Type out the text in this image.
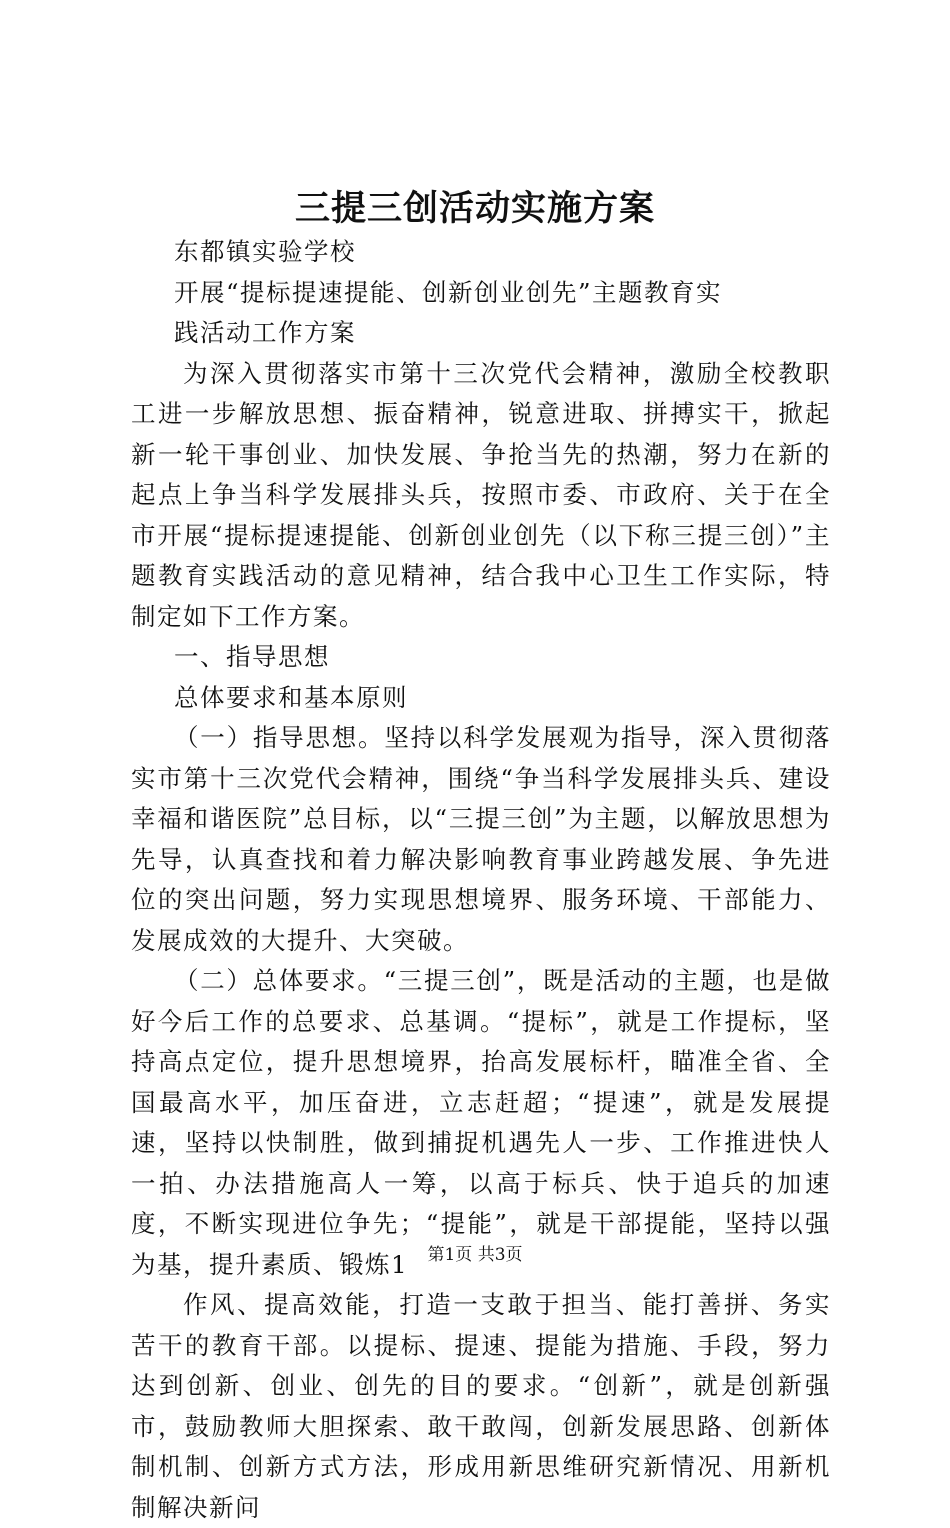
三提三创活动实施方案

东都镇实验学校

开展“提标提速提能、创新创业创先”主题教育实

践活动工作方案

为深入贯彻落实市第十三次党代会精神，激励全校教职工进一步解放思想、振奋精神，锐意进取、拼搏实干，掀起新一轮干事创业、加快发展、争抢当先的热潮，努力在新的起点上争当科学发展排头兵，按照市委、市政府、关于在全市开展“提标提速提能、创新创业创先（以下称三提三创）”主题教育实践活动的意见精神，结合我中心卫生工作实际，特制定如下工作方案。

一、指导思想

总体要求和基本原则

（一）指导思想。坚持以科学发展观为指导，深入贯彻落实市第十三次党代会精神，围绕“争当科学发展排头兵、建设幸福和谐医院”总目标，以“三提三创”为主题，以解放思想为先导，认真查找和着力解决影响教育事业跨越发展、争先进位的突出问题，努力实现思想境界、服务环境、干部能力、发展成效的大提升、大突破。

（二）总体要求。“三提三创”，既是活动的主题，也是做好今后工作的总要求、总基调。“提标”，就是工作提标，坚持高点定位，提升思想境界，抬高发展标杆，瞄准全省、全国最高水平，加压奋进，立志赶超；“提速”，就是发展提速，坚持以快制胜，做到捕捉机遇先人一步、工作推进快人一拍、办法措施高人一筹，以高于标兵、快于追兵的加速度，不断实现进位争先；“提能”，就是干部提能，坚持以强为基，提升素质、锻炼1

作风、提高效能，打造一支敢于担当、能打善拼、务实苦干的教育干部。以提标、提速、提能为措施、手段，努力达到创新、创业、创先的目的要求。“创新”，就是创新强市，鼓励教师大胆探索、敢干敢闯，创新发展思路、创新体制机制、创新方式方法，形成用新思维研究新情况、用新机制解决新问

第1页 共3页
